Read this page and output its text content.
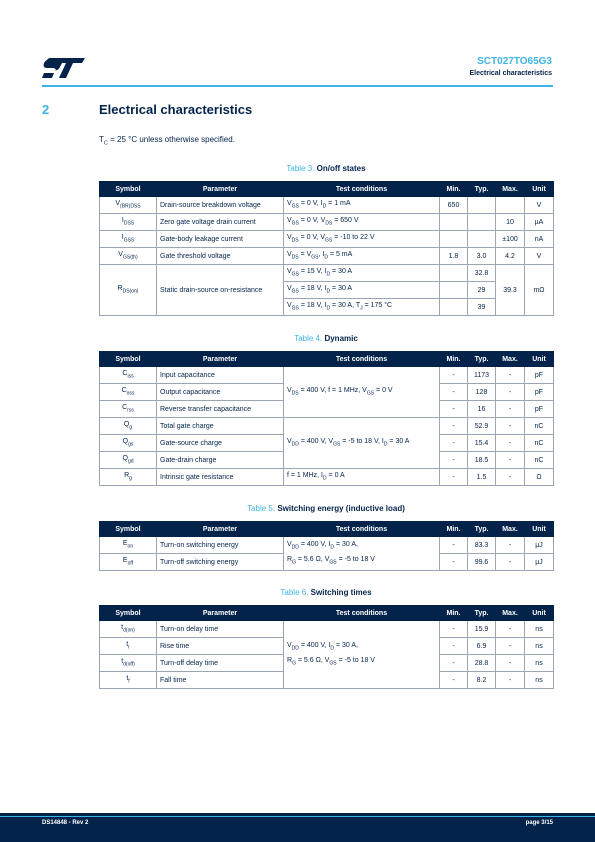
SCT027TO65G3
Electrical characteristics
2	Electrical characteristics
$T_C = 25$ °C unless otherwise specified.
Table 3. On/off states
Symbol	Parameter	Test conditions	Min.	Typ.	Max.	Unit
$V_{(BR)DSS}$	Drain-source breakdown voltage	$V_{GS} = 0$ V, $I_D = 1$ mA	650			V
$I_{DSS}$	Zero gate voltage drain current	$V_{GS} = 0$ V, $V_{DS} = 650$ V			10	µA
$I_{GSS}$	Gate-body leakage current	$V_{DS} = 0$ V, $V_{GS} = -10$ to 22 V			±100	nA
$V_{GS(th)}$	Gate threshold voltage	$V_{DS} = V_{GS}$, $I_D = 5$ mA	1.8	3.0	4.2	V
$R_{DS(on)}$	Static drain-source on-resistance	$V_{GS} = 15$ V, $I_D = 30$ A		32.8	39.3	mΩ
		$V_{GS} = 18$ V, $I_D = 30$ A		29		
		$V_{GS} = 18$ V, $I_D = 30$ A, $T_J = 175$ °C		39		
Table 4. Dynamic
Symbol	Parameter	Test conditions	Min.	Typ.	Max.	Unit
$C_{iss}$	Input capacitance	$V_{DS} = 400$ V, f = 1 MHz, $V_{GS} = 0$ V	-	1173	-	pF
$C_{oss}$	Output capacitance		-	128	-	pF
$C_{rss}$	Reverse transfer capacitance		-	16	-	pF
$Q_g$	Total gate charge	$V_{DD} = 400$ V, $V_{GS} = -5$ to 18 V, $I_D = 30$ A	-	52.9	-	nC
$Q_{gs}$	Gate-source charge		-	15.4	-	nC
$Q_{gd}$	Gate-drain charge		-	18.5	-	nC
$R_g$	Intrinsic gate resistance	f = 1 MHz, $I_D = 0$ A	-	1.5	-	Ω
Table 5. Switching energy (inductive load)
Symbol	Parameter	Test conditions	Min.	Typ.	Max.	Unit
$E_{on}$	Turn-on switching energy	$V_{DD} = 400$ V, $I_D = 30$ A,
$R_G = 5.6$ Ω, $V_{GS} = -5$ to 18 V	-	83.3	-	µJ
$E_{off}$	Turn-off switching energy		-	99.6	-	µJ
Table 6. Switching times
Symbol	Parameter	Test conditions	Min.	Typ.	Max.	Unit
$t_{d(on)}$	Turn-on delay time	$V_{DD} = 400$ V, $I_D = 30$ A,
$R_G = 5.6$ Ω, $V_{GS} = -5$ to 18 V	-	15.9	-	ns
$t_r$	Rise time		-	6.9	-	ns
$t_{d(off)}$	Turn-off delay time		-	28.8	-	ns
$t_f$	Fall time		-	8.2	-	ns
DS14848 - Rev 2	page 3/15
